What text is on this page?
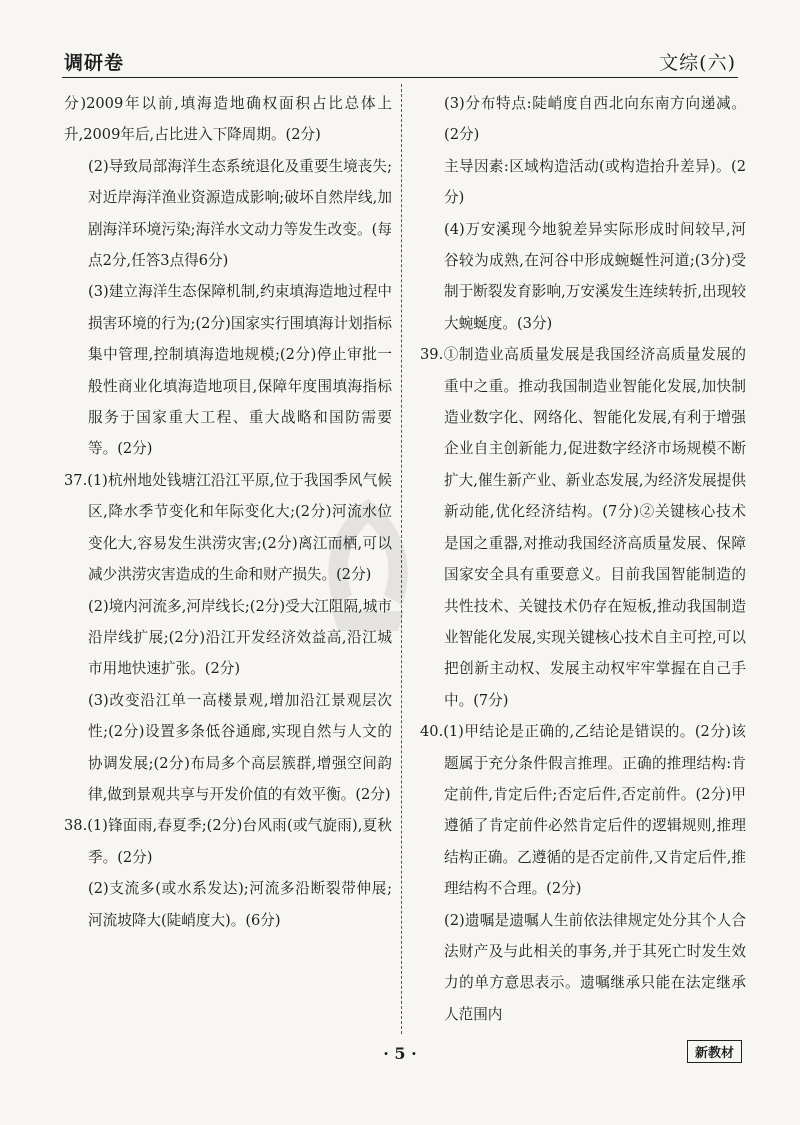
调研卷	文综(六)

分)2009年以前,填海造地确权面积占比总体上升,2009年后,占比进入下降周期。(2分)

(2)导致局部海洋生态系统退化及重要生境丧失;对近岸海洋渔业资源造成影响;破坏自然岸线,加剧海洋环境污染;海洋水文动力等发生改变。(每点2分,任答3点得6分)

(3)建立海洋生态保障机制,约束填海造地过程中损害环境的行为;(2分)国家实行围填海计划指标集中管理,控制填海造地规模;(2分)停止审批一般性商业化填海造地项目,保障年度围填海指标服务于国家重大工程、重大战略和国防需要等。(2分)

37.(1)杭州地处钱塘江沿江平原,位于我国季风气候区,降水季节变化和年际变化大;(2分)河流水位变化大,容易发生洪涝灾害;(2分)离江而栖,可以减少洪涝灾害造成的生命和财产损失。(2分)

(2)境内河流多,河岸线长;(2分)受大江阻隔,城市沿岸线扩展;(2分)沿江开发经济效益高,沿江城市用地快速扩张。(2分)

(3)改变沿江单一高楼景观,增加沿江景观层次性;(2分)设置多条低谷通廊,实现自然与人文的协调发展;(2分)布局多个高层簇群,增强空间韵律,做到景观共享与开发价值的有效平衡。(2分)

38.(1)锋面雨,春夏季;(2分)台风雨(或气旋雨),夏秋季。(2分)

(2)支流多(或水系发达);河流多沿断裂带伸展;河流坡降大(陡峭度大)。(6分)

(3)分布特点:陡峭度自西北向东南方向递减。(2分)

主导因素:区域构造活动(或构造抬升差异)。(2分)

(4)万安溪现今地貌差异实际形成时间较早,河谷较为成熟,在河谷中形成蜿蜒性河道;(3分)受制于断裂发育影响,万安溪发生连续转折,出现较大蜿蜒度。(3分)

39.①制造业高质量发展是我国经济高质量发展的重中之重。推动我国制造业智能化发展,加快制造业数字化、网络化、智能化发展,有利于增强企业自主创新能力,促进数字经济市场规模不断扩大,催生新产业、新业态发展,为经济发展提供新动能,优化经济结构。(7分)②关键核心技术是国之重器,对推动我国经济高质量发展、保障国家安全具有重要意义。目前我国智能制造的共性技术、关键技术仍存在短板,推动我国制造业智能化发展,实现关键核心技术自主可控,可以把创新主动权、发展主动权牢牢掌握在自己手中。(7分)

40.(1)甲结论是正确的,乙结论是错误的。(2分)该题属于充分条件假言推理。正确的推理结构:肯定前件,肯定后件;否定后件,否定前件。(2分)甲遵循了肯定前件必然肯定后件的逻辑规则,推理结构正确。乙遵循的是否定前件,又肯定后件,推理结构不合理。(2分)

(2)遗嘱是遗嘱人生前依法律规定处分其个人合法财产及与此相关的事务,并于其死亡时发生效力的单方意思表示。遗嘱继承只能在法定继承人范围内

· 5 ·	新教材
